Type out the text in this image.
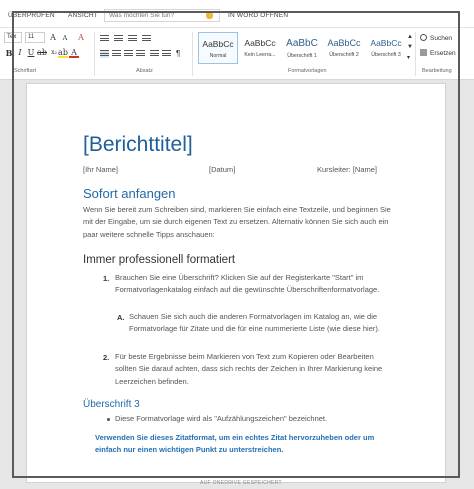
ÜBERPRÜFEN ANSICHT Was möchten Sie tun?	IN WORD ÖFFNEN
Tex	11	A	A	A
B I U ab x₂ ab A
Schriftart
¶
Absatz
AaBbCc
Normal
AaBbCc
Kein Leerra...
AaBbC
Überschrift 1
AaBbCc
Überschrift 2
AaBbCc
Überschrift 3
▲
▼
▾
Formatvorlagen
Suchen
Ersetzen
Bearbeitung
[Berichttitel]
[Ihr Name]	[Datum]	Kursleiter: [Name]
Sofort anfangen

Wenn Sie bereit zum Schreiben sind, markieren Sie einfach eine Textzeile, und beginnen Sie mit der Eingabe, um sie durch eigenen Text zu ersetzen. Alternativ können Sie sich auch ein paar weitere schnelle Tipps anschauen:

Immer professionell formatiert
1. Brauchen Sie eine Überschrift? Klicken Sie auf der Registerkarte "Start" im Formatvorlagenkatalog einfach auf die gewünschte Überschriftenformatvorlage.

A. Schauen Sie sich auch die anderen Formatvorlagen im Katalog an, wie die Formatvorlage für Zitate und die für eine nummerierte Liste (wie diese hier).

2. Für beste Ergebnisse beim Markieren von Text zum Kopieren oder Bearbeiten sollten Sie darauf achten, dass sich rechts der Zeichen in Ihrer Markierung keine Leerzeichen befinden.

Überschrift 3

Diese Formatvorlage wird als "Aufzählungszeichen" bezeichnet.

Verwenden Sie dieses Zitatformat, um ein echtes Zitat hervorzuheben oder um einfach nur einen wichtigen Punkt zu unterstreichen.

AUF ONEDRIVE GESPEICHERT
